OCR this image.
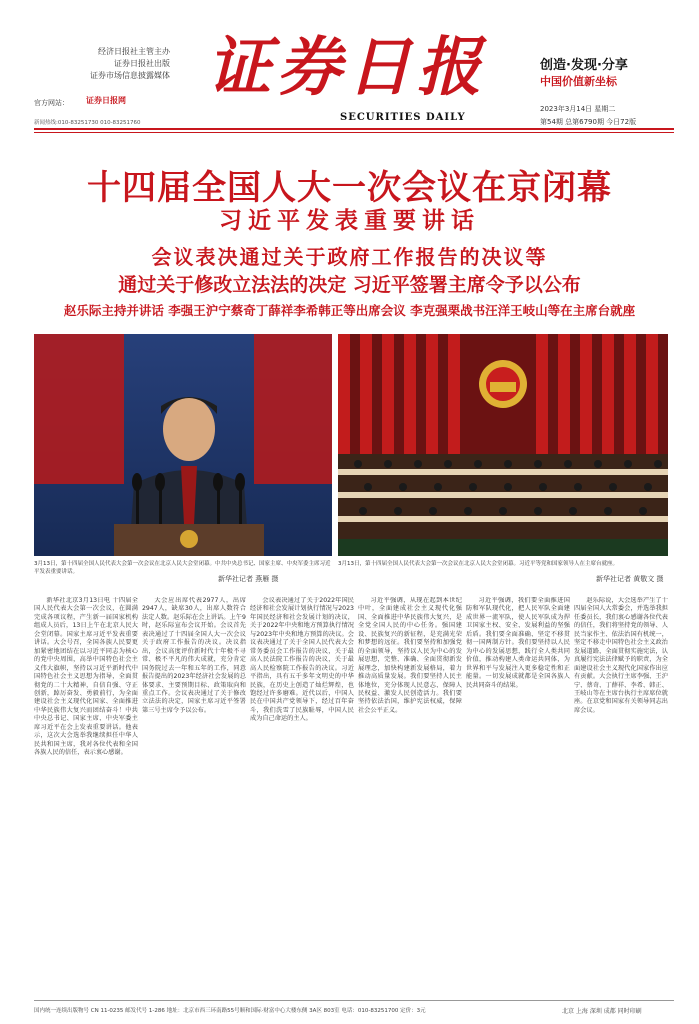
经济日报社主管主办
证券日报社出版
证券市场信息披露媒体
官方网站： 证券日报网
新闻热线:010-83251730 010-83251760
证券日报
SECURITIES DAILY
创造·发现·分享
中国价值新坐标
2023年3月14日 星期二
第54期 总第6790期 今日72版
十四届全国人大一次会议在京闭幕
习近平发表重要讲话
会议表决通过关于政府工作报告的决议等
通过关于修改立法法的决定 习近平签署主席令予以公布
赵乐际主持并讲话 李强王沪宁蔡奇丁薛祥李希韩正等出席会议 李克强栗战书汪洋王岐山等在主席台就座
3月13日，第十四届全国人民代表大会第一次会议在北京人民大会堂闭幕。中共中央总书记、国家主席、中央军委主席习近平发表重要讲话。
新华社记者 燕雁 摄
3月13日，第十四届全国人民代表大会第一次会议在北京人民大会堂闭幕。习近平等党和国家领导人在主席台就座。
新华社记者 黄敬文 摄
新华社北京3月13日电 十四届全国人民代表大会第一次会议，在圆满完成各项议程，产生新一届国家机构组成人员后，13日上午在北京人民大会堂闭幕。国家主席习近平发表重要讲话。大会号召，全国各族人民要更加紧密地团结在以习近平同志为核心的党中央周围，高举中国特色社会主义伟大旗帜，坚持以习近平新时代中国特色社会主义思想为指导，全面贯彻党的二十大精神，自信自强、守正创新，踔厉奋发、勇毅前行，为全面建设社会主义现代化国家、全面推进中华民族伟大复兴而团结奋斗！中共中央总书记、国家主席、中央军委主席习近平在会上发表重要讲话。他表示，这次大会选举我继续担任中华人民共和国主席，我对各位代表和全国各族人民的信任，表示衷心感谢。
大会应出席代表2977人，出席2947人，缺席30人，出席人数符合法定人数。赵乐际在会上讲话。上午9时，赵乐际宣布会议开始。会议首先表决通过了十四届全国人大一次会议关于政府工作报告的决议。决议指出，会议高度评价新时代十年极不寻常、极不平凡的伟大成就，充分肯定国务院过去一年和五年的工作，同意报告提出的2023年经济社会发展的总体要求、主要预期目标、政策取向和重点工作。会议表决通过了关于修改立法法的决定，国家主席习近平签署第三号主席令予以公布。
会议表决通过了关于2022年国民经济和社会发展计划执行情况与2023年国民经济和社会发展计划的决议，关于2022年中央和地方预算执行情况与2023年中央和地方预算的决议。会议表决通过了关于全国人民代表大会常务委员会工作报告的决议，关于最高人民法院工作报告的决议，关于最高人民检察院工作报告的决议。习近平指出，具有五千多年文明史的中华民族，在历史上创造了灿烂辉煌，也饱经过许多磨难。近代以后，中国人民在中国共产党领导下，经过百年奋斗，我们洗雪了民族耻辱，中国人民成为自己命运的主人。
习近平强调，从现在起到本世纪中叶，全面建成社会主义现代化强国、全面推进中华民族伟大复兴，是全党全国人民的中心任务。强国建设、民族复兴的新征程，是充满光荣和梦想的远征。我们要坚持和加强党的全面领导，坚持以人民为中心的发展思想，完整、准确、全面贯彻新发展理念，加快构建新发展格局，着力推动高质量发展。我们要坚持人民主体地位，充分体现人民意志、保障人民权益、激发人民创造活力。我们要坚持依法治国，维护宪法权威，保障社会公平正义。
习近平强调，我们要全面推进国防和军队现代化，把人民军队全面建成世界一流军队，使人民军队成为捍卫国家主权、安全、发展利益的坚强后盾。我们要全面准确、坚定不移贯彻一国两制方针。我们要坚持以人民为中心的发展思想，践行全人类共同价值，推动构建人类命运共同体，为世界和平与发展注入更多稳定性和正能量。一切发展成就都是全国各族人民共同奋斗的结果。
赵乐际说，大会选举产生了十四届全国人大常委会，并选举我担任委员长，我们衷心感谢各位代表的信任，我们将坚持党的领导、人民当家作主、依法治国有机统一，坚定不移走中国特色社会主义政治发展道路，全面贯彻实施宪法，认真履行宪法法律赋予的职责，为全面建设社会主义现代化国家作出应有贡献。大会执行主席李强、王沪宁、蔡奇、丁薛祥、李希、韩正、王岐山等在主席台执行主席席位就座。在京党和国家有关领导同志出席会议。
国内统一连续出版物号 CN 11-0235 邮发代号 1-286 地址：北京市西三环南路55号顺和国际·财富中心大楼东侧 3A区 803室 电话：010-83251700 定价：3元	北京 上海 深圳 成都 同时印刷
